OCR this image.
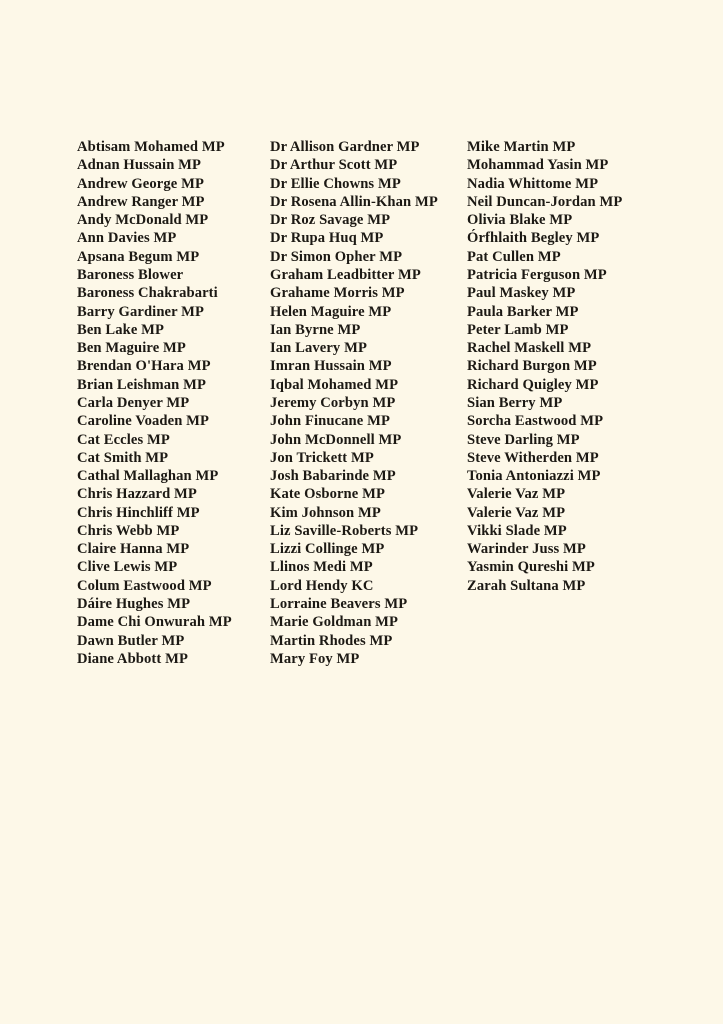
Abtisam Mohamed MP
Adnan Hussain MP
Andrew George MP
Andrew Ranger MP
Andy McDonald MP
Ann Davies MP
Apsana Begum MP
Baroness Blower
Baroness Chakrabarti
Barry Gardiner MP
Ben Lake MP
Ben Maguire MP
Brendan O'Hara MP
Brian Leishman MP
Carla Denyer MP
Caroline Voaden MP
Cat Eccles MP
Cat Smith MP
Cathal Mallaghan MP
Chris Hazzard MP
Chris Hinchliff MP
Chris Webb MP
Claire Hanna MP
Clive Lewis MP
Colum Eastwood MP
Dáire Hughes MP
Dame Chi Onwurah MP
Dawn Butler MP
Diane Abbott MP
Dr Allison Gardner MP
Dr Arthur Scott MP
Dr Ellie Chowns MP
Dr Rosena Allin-Khan MP
Dr Roz Savage MP
Dr Rupa Huq MP
Dr Simon Opher MP
Graham Leadbitter MP
Grahame Morris MP
Helen Maguire MP
Ian Byrne MP
Ian Lavery MP
Imran Hussain MP
Iqbal Mohamed MP
Jeremy Corbyn MP
John Finucane MP
John McDonnell MP
Jon Trickett MP
Josh Babarinde MP
Kate Osborne MP
Kim Johnson MP
Liz Saville-Roberts MP
Lizzi Collinge MP
Llinos Medi MP
Lord Hendy KC
Lorraine Beavers MP
Marie Goldman MP
Martin Rhodes MP
Mary Foy MP
Mike Martin MP
Mohammad Yasin MP
Nadia Whittome MP
Neil Duncan-Jordan MP
Olivia Blake MP
Órfhlaith Begley MP
Pat Cullen MP
Patricia Ferguson MP
Paul Maskey MP
Paula Barker MP
Peter Lamb MP
Rachel Maskell MP
Richard Burgon MP
Richard Quigley MP
Sian Berry MP
Sorcha Eastwood MP
Steve Darling MP
Steve Witherden MP
Tonia Antoniazzi MP
Valerie Vaz MP
Valerie Vaz MP
Vikki Slade MP
Warinder Juss MP
Yasmin Qureshi MP
Zarah Sultana MP
